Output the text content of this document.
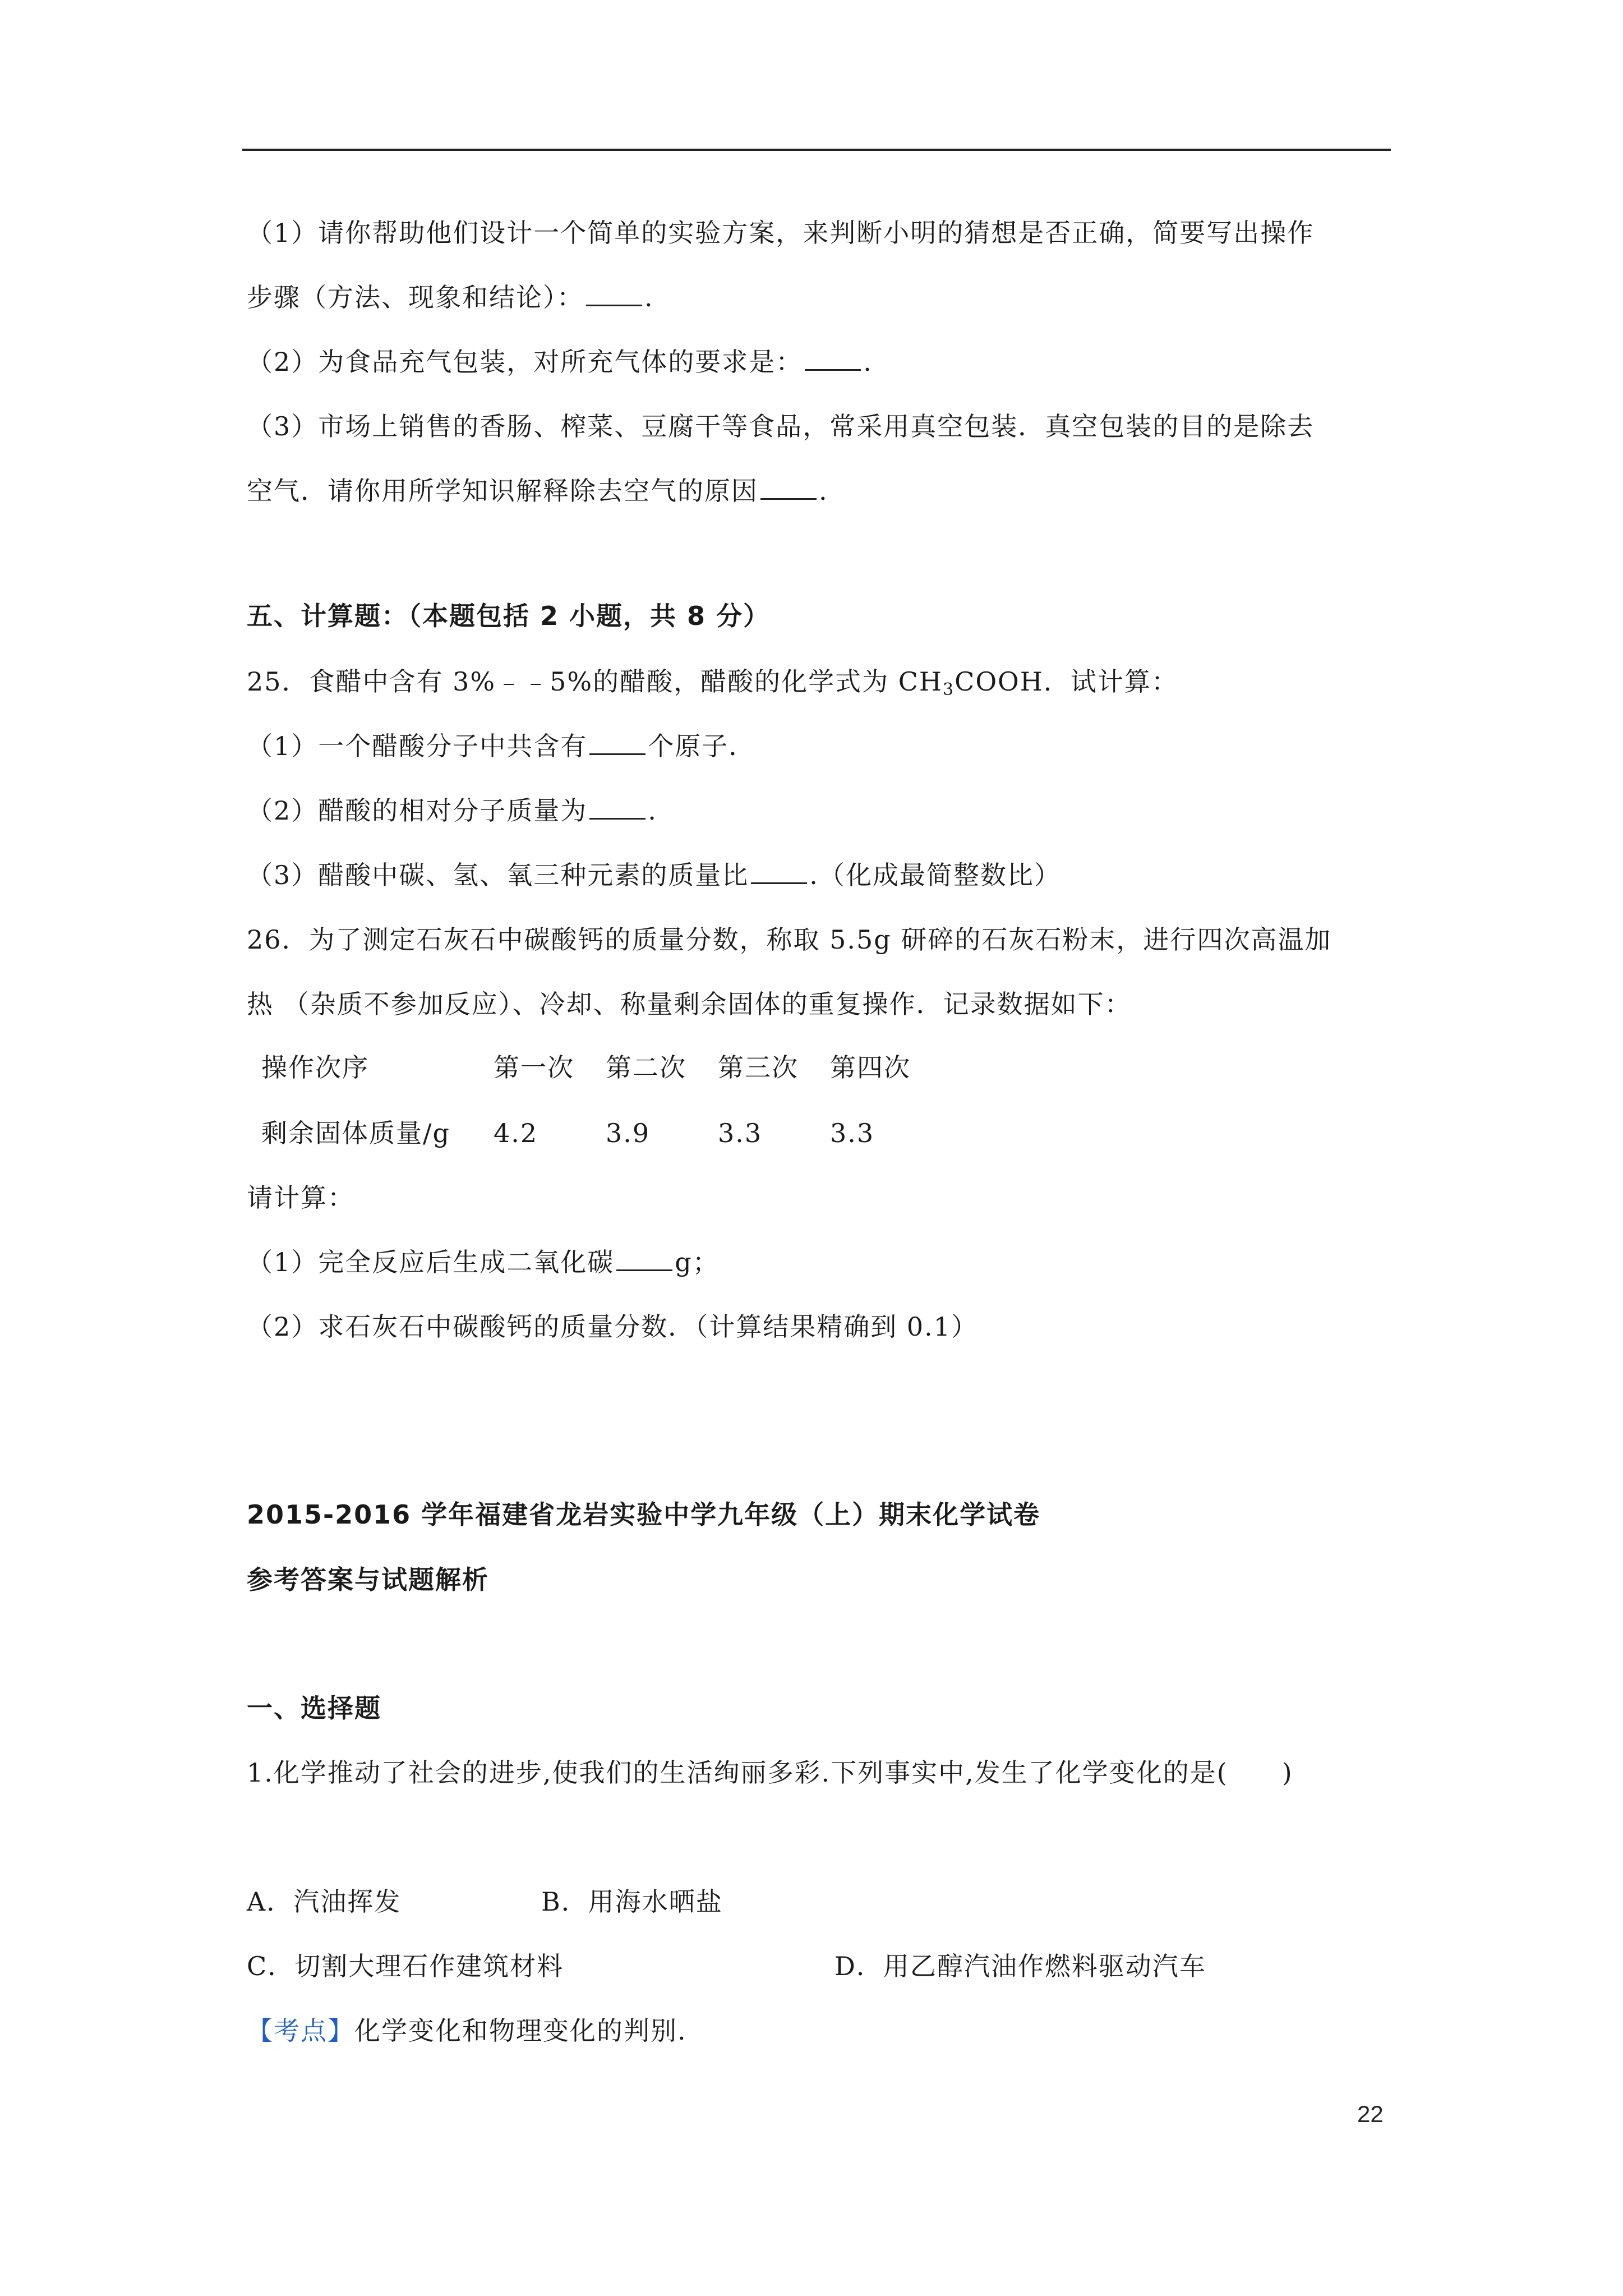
（1）请你帮助他们设计一个简单的实验方案，来判断小明的猜想是否正确，简要写出操作
步骤（方法、现象和结论）： .
（2）为食品充气包装，对所充气体的要求是： .
（3）市场上销售的香肠、榨菜、豆腐干等食品，常采用真空包装．真空包装的目的是除去
空气．请你用所学知识解释除去空气的原因 .
五、计算题：（本题包括 2 小题，共 8 分）
25．食醋中含有 3%﹣﹣5%的醋酸，醋酸的化学式为 $CH_3COOH$．试计算：
（1）一个醋酸分子中共含有 个原子．
（2）醋酸的相对分子质量为 .
（3）醋酸中碳、氢、氧三种元素的质量比 .（化成最简整数比）
26．为了测定石灰石中碳酸钙的质量分数，称取 5.5g 研碎的石灰石粉末，进行四次高温加
热 （杂质不参加反应）、冷却、称量剩余固体的重复操作．记录数据如下：
操作次序	第一次 第二次 第三次 第四次
剩余固体质量/g 4.2	3.9	3.3	3.3
请计算：
（1）完全反应后生成二氧化碳 g；
（2）求石灰石中碳酸钙的质量分数．（计算结果精确到 0.1）
2015-2016 学年福建省龙岩实验中学九年级（上）期末化学试卷
参考答案与试题解析
一、选择题
1.化学推动了社会的进步,使我们的生活绚丽多彩.下列事实中,发生了化学变化的是(　　)
A．汽油挥发	B．用海水晒盐
C．切割大理石作建筑材料	D．用乙醇汽油作燃料驱动汽车
【考点】化学变化和物理变化的判别.
22
